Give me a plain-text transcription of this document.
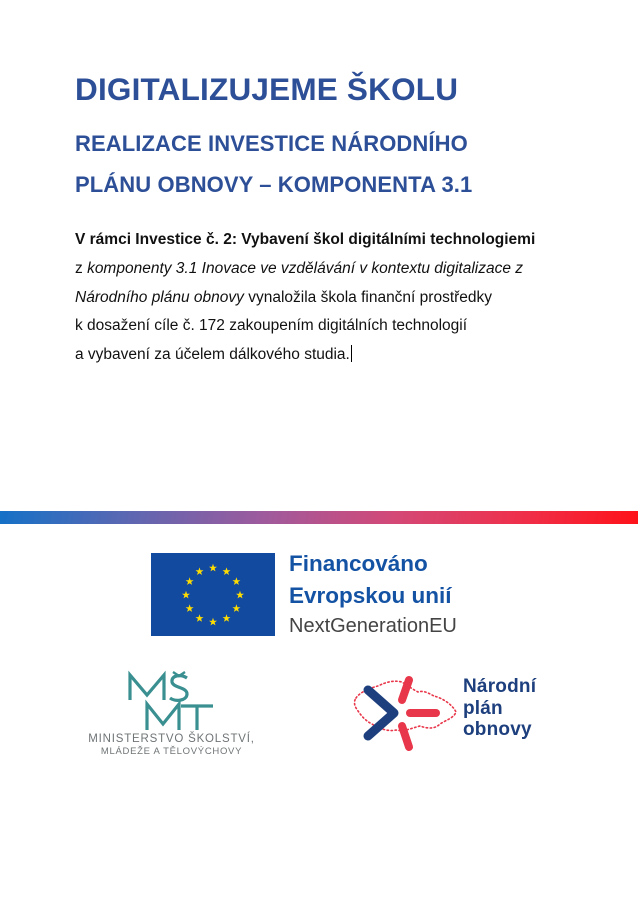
DIGITALIZUJEME ŠKOLU
REALIZACE INVESTICE NÁRODNÍHO
PLÁNU OBNOVY – KOMPONENTA 3.1
V rámci Investice č. 2: Vybavení škol digitálními technologiemi
z komponenty 3.1 Inovace ve vzdělávání v kontextu digitalizace z
Národního plánu obnovy vynaložila škola finanční prostředky
k dosažení cíle č. 172 zakoupením digitálních technologií
a vybavení za účelem dálkového studia.
Financováno
Evropskou unií
NextGenerationEU
MINISTERSTVO ŠKOLSTVÍ,
MLÁDEŽE A TĚLOVÝCHOVY
Národní
plán
obnovy
